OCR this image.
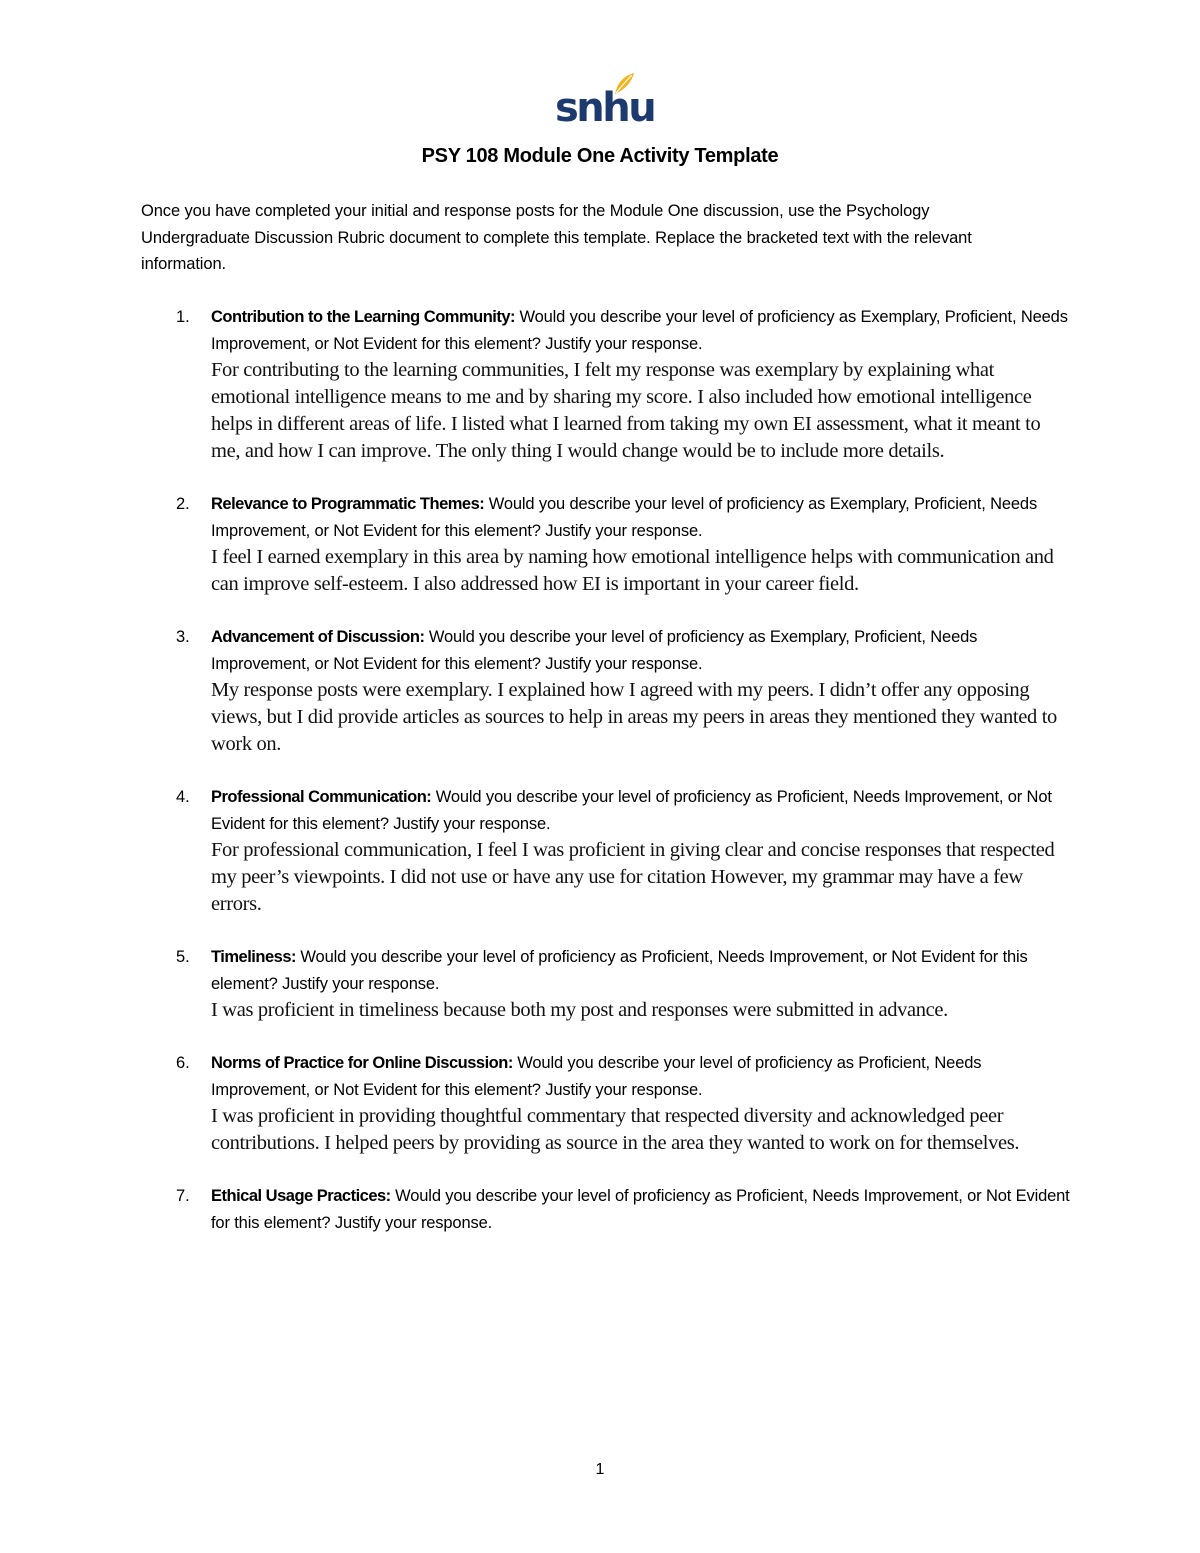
snhu
PSY 108 Module One Activity Template
Once you have completed your initial and response posts for the Module One discussion, use the Psychology Undergraduate Discussion Rubric document to complete this template. Replace the bracketed text with the relevant information.
1. Contribution to the Learning Community: Would you describe your level of proficiency as Exemplary, Proficient, Needs Improvement, or Not Evident for this element? Justify your response.
For contributing to the learning communities, I felt my response was exemplary by explaining what emotional intelligence means to me and by sharing my score. I also included how emotional intelligence helps in different areas of life. I listed what I learned from taking my own EI assessment, what it meant to me, and how I can improve. The only thing I would change would be to include more details.
2. Relevance to Programmatic Themes: Would you describe your level of proficiency as Exemplary, Proficient, Needs Improvement, or Not Evident for this element? Justify your response.
I feel I earned exemplary in this area by naming how emotional intelligence helps with communication and can improve self-esteem. I also addressed how EI is important in your career field.
3. Advancement of Discussion: Would you describe your level of proficiency as Exemplary, Proficient, Needs Improvement, or Not Evident for this element? Justify your response.
My response posts were exemplary. I explained how I agreed with my peers. I didn’t offer any opposing views, but I did provide articles as sources to help in areas my peers in areas they mentioned they wanted to work on.
4. Professional Communication: Would you describe your level of proficiency as Proficient, Needs Improvement, or Not Evident for this element? Justify your response.
For professional communication, I feel I was proficient in giving clear and concise responses that respected my peer’s viewpoints. I did not use or have any use for citation However, my grammar may have a few errors.
5. Timeliness: Would you describe your level of proficiency as Proficient, Needs Improvement, or Not Evident for this element? Justify your response.
I was proficient in timeliness because both my post and responses were submitted in advance.
6. Norms of Practice for Online Discussion: Would you describe your level of proficiency as Proficient, Needs Improvement, or Not Evident for this element? Justify your response.
I was proficient in providing thoughtful commentary that respected diversity and acknowledged peer contributions. I helped peers by providing as source in the area they wanted to work on for themselves.
7. Ethical Usage Practices: Would you describe your level of proficiency as Proficient, Needs Improvement, or Not Evident for this element? Justify your response.
1
